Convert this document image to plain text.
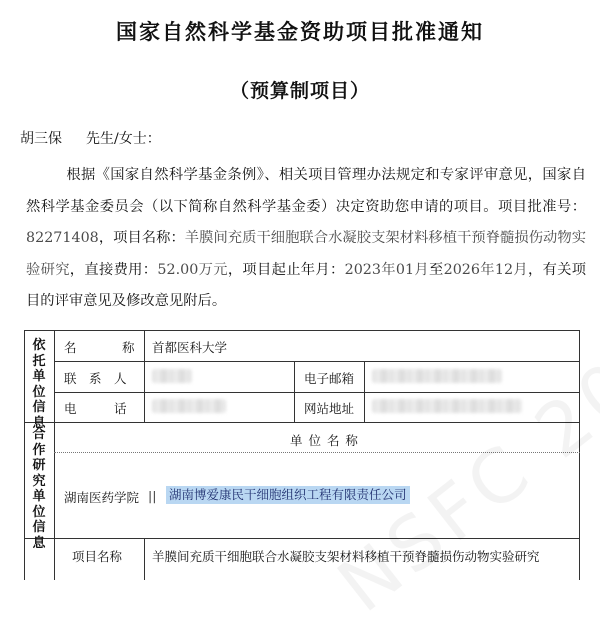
国家自然科学基金资助项目批准通知
（预算制项目）
胡三保 先生/女士：
根据《国家自然科学基金条例》、相关项目管理办法规定和专家评审意见，国家自然科学基金委员会（以下简称自然科学基金委）决定资助您申请的项目。项目批准号：82271408，项目名称：羊膜间充质干细胞联合水凝胶支架材料移植干预脊髓损伤动物实验研究，直接费用：52.00万元，项目起止年月：2023年01月至2026年12月，有关项目的评审意见及修改意见附后。
依托单位信息
名　　　称 首都医科大学
联　系　人	电子邮箱
电　　　话	网站地址
合作研究单位信息
单 位 名 称
湖南医药学院 || 湖南博爱康民干细胞组织工程有限责任公司
项目名称 羊膜间充质干细胞联合水凝胶支架材料移植干预脊髓损伤动物实验研究
